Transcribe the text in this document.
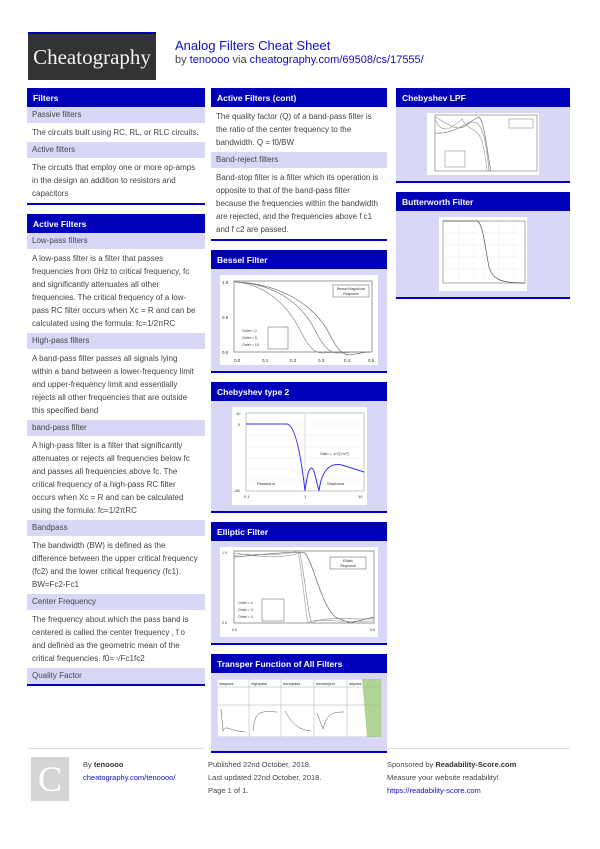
Cheatography	Analog Filters Cheat Sheet
by tenoooo via cheatography.com/69508/cs/17555/
Filters
Passive filters
The circuits built using RC, RL, or RLC circuits.
Active filters
The circuits that employ one or more op-amps in the design an addition to resistors and capacitors
Active Filters
Low-pass filters
A low-pass filter is a filter that passes frequencies from 0Hz to critical frequency, fc and significantly attenuates all other frequencies. The critical frequency of a low-pass RC filter occurs when Xc = R and can be calculated using the formula: fc=1/2πRC
High-pass filters
A band-pass filter passes all signals lying within a band between a lower-frequency limit and upper-frequency limit and essentially rejects all other frequencies that are outside this specified band
band-pass filter
A high-pass filter is a filter that significantly attenuates or rejects all frequencies below fc and passes all frequencies above fc. The critical frequency of a high-pass RC filter occurs when Xc = R and can be calculated using the formula: fc=1/2πRC
Bandpass
The bandwidth (BW) is defined as the difference between the upper critical frequency (fc2) and the lower critical frequency (fc1). BW=Fc2-Fc1
Center Frequency
The frequency about which the pass band is centered is called the center frequency , f o and defined as the geometric mean of the critical frequencies. f0= √Fc1fc2
Quality Factor
Active Filters (cont)
The quality factor (Q) of a band-pass filter is the ratio of the center frequency to the bandwidth. Q = f0/BW
Band-reject filters
Band-stop filter is a filter which its operation is opposite to that of the band-pass filter because the frequencies within the bandwidth are rejected, and the frequencies above f c1 and f c2 are passed.
Bessel Filter
1.0
0.5
0.0
0.0	0.1	0.2	0.3	0.4	0.5
Bessel Magnitude
Response
Order = 2
Order = 5
Order = 10
Chebyshev type 2
10
0
-60
0.1	1	10
Passband	Stopband
Gain = 1/√(1+ε²)
Elliptic Filter
Elliptic
Response
Order = 2
Order = 3
Order = 4
1.0
0.0
0.0	0.5
Transper Function of All Filters
lowpass	highpass	bandpass	bandreject	allpass
Chebyshev LPF
Butterworth Filter
C	By tenoooo
cheatography.com/tenoooo/
Published 22nd October, 2018.
Last updated 22nd October, 2018.
Page 1 of 1.
Sponsored by Readability-Score.com
Measure your website readability!
https://readability-score.com
